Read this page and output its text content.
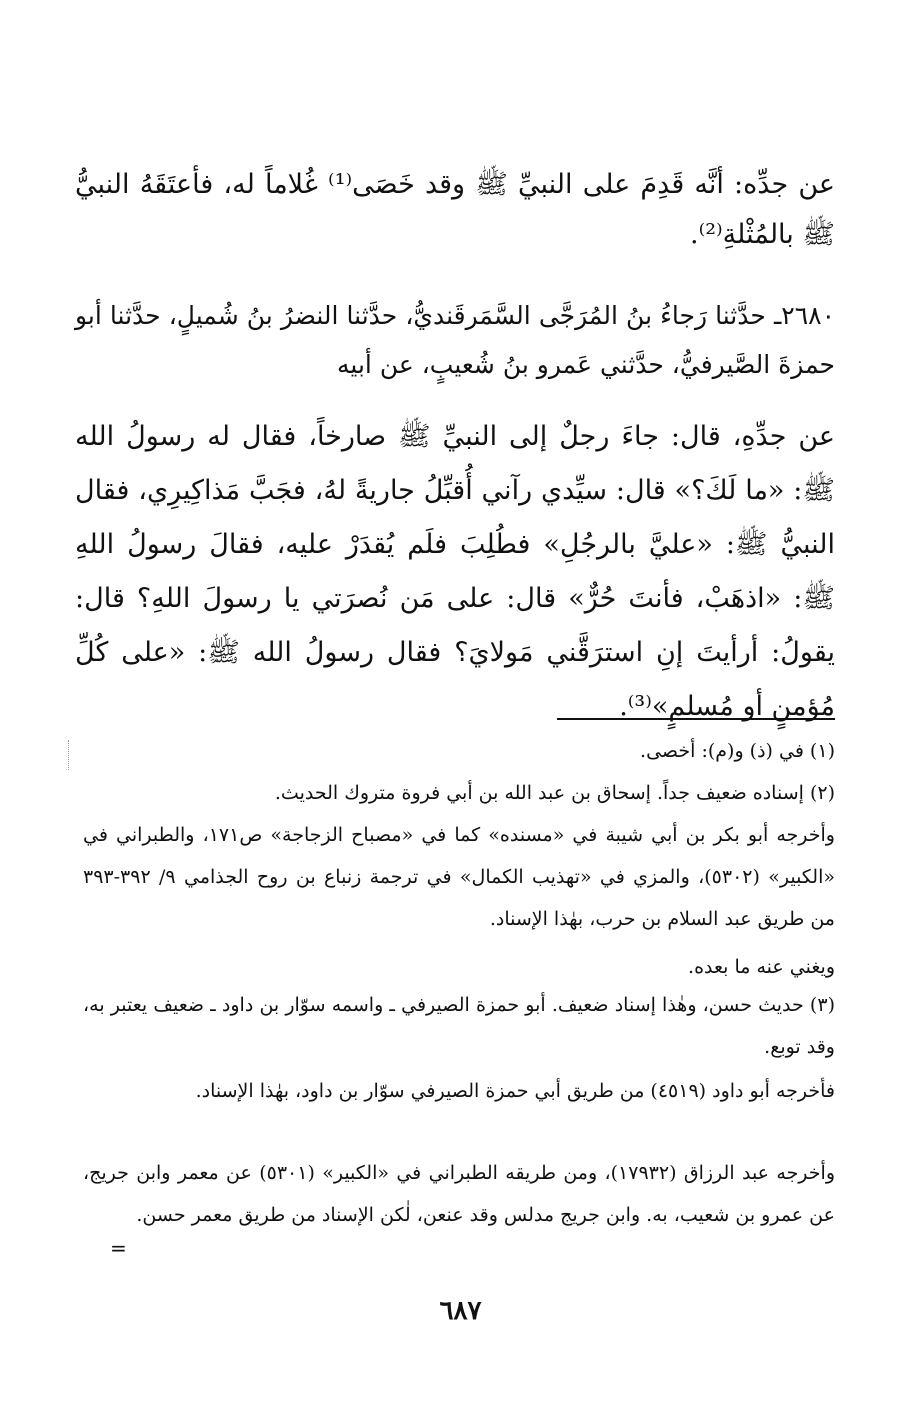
عن جدِّه: أنَّه قَدِمَ على النبيِّ ﷺ وقد خَصَى⁽¹⁾ غُلاماً له، فأعتَقَهُ النبيُّ ﷺ بالمُثْلةِ⁽²⁾.

٢٦٨٠ـ حدَّثنا رَجاءُ بنُ المُرَجَّى السَّمَرقَنديُّ، حدَّثنا النضرُ بنُ شُميلٍ، حدَّثنا أبو حمزةَ الصَّيرفيُّ، حدَّثني عَمرو بنُ شُعيبٍ، عن أبيه

عن جدِّهِ، قال: جاءَ رجلٌ إلى النبيِّ ﷺ صارخاً، فقال له رسولُ الله ﷺ: «ما لَكَ؟» قال: سيِّدي رآني أُقبِّلُ جاريةً لهُ، فجَبَّ مَذاكِيرِي، فقال النبيُّ ﷺ: «عليَّ بالرجُلِ» فطُلِبَ فلَم يُقدَرْ عليه، فقالَ رسولُ اللهِ ﷺ: «اذهَبْ، فأنتَ حُرٌّ» قال: على مَن نُصرَتي يا رسولَ اللهِ؟ قال: يقولُ: أرأيتَ إنِ استرَقَّني مَولايَ؟ فقال رسولُ الله ﷺ: «على كُلِّ مُؤمنٍ أو مُسلمٍ»⁽³⁾.

(١) في (ذ) و(م): أخصى.

(٢) إسناده ضعيف جداً. إسحاق بن عبد الله بن أبي فروة متروك الحديث.

وأخرجه أبو بكر بن أبي شيبة في «مسنده» كما في «مصباح الزجاجة» ص١٧١، والطبراني في «الكبير» (٥٣٠٢)، والمزي في «تهذيب الكمال» في ترجمة زنباع بن روح الجذامي ٩/ ٣٩٢-٣٩٣ من طريق عبد السلام بن حرب، بهٰذا الإسناد.

ويغني عنه ما بعده.

(٣) حديث حسن، وهٰذا إسناد ضعيف. أبو حمزة الصيرفي ـ واسمه سوّار بن داود ـ ضعيف يعتبر به، وقد توبع.

فأخرجه أبو داود (٤٥١٩) من طريق أبي حمزة الصيرفي سوّار بن داود، بهٰذا الإسناد.

وأخرجه عبد الرزاق (١٧٩٣٢)، ومن طريقه الطبراني في «الكبير» (٥٣٠١) عن معمر وابن جريج، عن عمرو بن شعيب، به. وابن جريج مدلس وقد عنعن، لٰكن الإسناد من طريق معمر حسن.

=
٦٨٧
